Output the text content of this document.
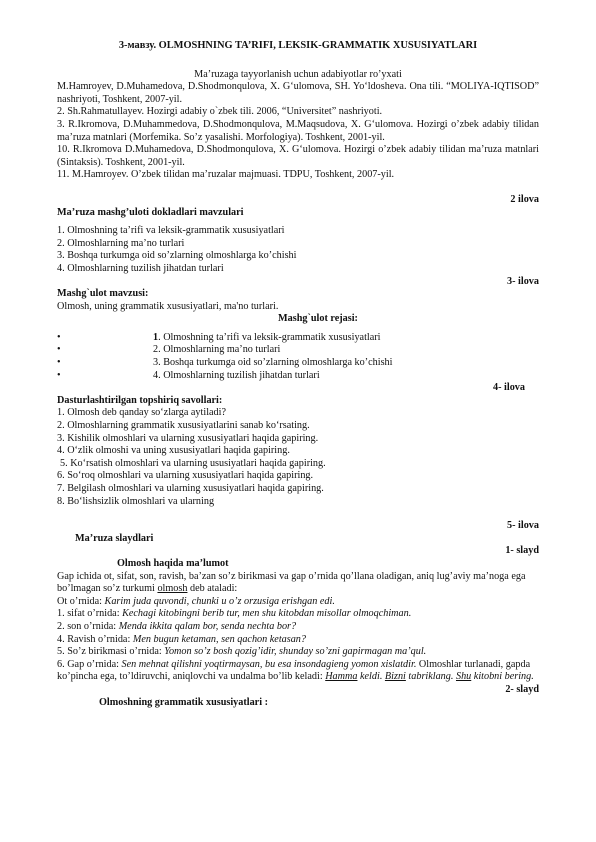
3-мавзу. OLMOSHNING TA’RIFI, LEKSIK-GRAMMATIK XUSUSIYATLARI

Ma’ruzaga tayyorlanish uchun adabiyotlar ro’yxati

M.Hamroyev, D.Muhamedova, D.Shodmonqulova, X. G‘ulomova, SH. Yo‘ldosheva. Ona tili. “MOLIYA-IQTISOD” nashriyoti, Toshkent, 2007-yil.

2. Sh.Rahmatullayev. Hozirgi adabiy o`zbek tili. 2006, “Universitet” nashriyoti.

3. R.Ikromova, D.Muhammedova, D.Shodmonqulova, M.Maqsudova, X. G‘ulomova. Hozirgi o’zbek adabiy tilidan ma’ruza matnlari (Morfemika. So’z yasalishi. Morfologiya). Toshkent, 2001-yil.

10. R.Ikromova D.Muhamedova, D.Shodmonqulova, X. G‘ulomova. Hozirgi o’zbek adabiy tilidan ma’ruza matnlari (Sintaksis). Toshkent, 2001-yil.

11. M.Hamroyev. O’zbek tilidan ma’ruzalar majmuasi. TDPU, Toshkent, 2007-yil.

2 ilova

Ma’ruza mashg’uloti dokladlari mavzulari

1. Olmoshning ta’rifi va leksik-grammatik xususiyatlari

2. Olmoshlarning ma’no turlari

3. Boshqa turkumga oid so’zlarning olmoshlarga ko’chishi

4. Olmoshlarning tuzilish jihatdan turlari

3- ilova

Mashg`ulot mavzusi:

Olmosh, uning grammatik xususiyatlari, ma'no turlari.

Mashg`ulot rejasi:

•	1. Olmoshning ta’rifi va leksik-grammatik xususiyatlari
•	2. Olmoshlarning ma’no turlari
•	3. Boshqa turkumga oid so’zlarning olmoshlarga ko’chishi
•	4. Olmoshlarning tuzilish jihatdan turlari

4- ilova

Dasturlashtirilgan topshiriq savollari:

1. Olmosh deb qanday so‘zlarga aytiladi?

2. Olmoshlarning grammatik xususiyatlarini sanab ko‘rsating.

3. Kishilik olmoshlari va ularning xususiyatlari haqida gapiring.

4. O‘zlik olmoshi va uning xususiyatlari haqida gapiring.

5. Ko‘rsatish olmoshlari va ularning ususiyatlari haqida gapiring.

6. So‘roq olmoshlari va ularning xususiyatlari haqida gapiring.

7. Belgilash olmoshlari va ularning xususiyatlari haqida gapiring.

8. Bo‘lishsizlik olmoshlari va ularning

5- ilova

Ma’ruza slaydlari

1- slayd

Olmosh haqida ma’lumot

Gap ichida ot, sifat, son, ravish, ba’zan so’z birikmasi va gap o’rnida qo’llana oladigan, aniq lug’aviy ma’noga ega bo’lmagan so’z turkumi olmosh deb ataladi:

Ot o’rnida: Karim juda quvondi, chunki u o’z orzusiga erishgan edi.

1. sifat o’rnida: Kechagi kitobingni berib tur, men shu kitobdan misollar olmoqchiman.

2. son o’rnida: Menda ikkita qalam bor, senda nechta bor?

4. Ravish o’rnida: Men bugun ketaman, sen qachon ketasan?

5. So’z birikmasi o’rnida: Yomon so’z bosh qozig’idir, shunday so’zni gapirmagan ma’qul.

6. Gap o’rnida: Sen mehnat qilishni yoqtirmaysan, bu esa insondagieng yomon xislatdir. Olmoshlar turlanadi, gapda ko’pincha ega, to’ldiruvchi, aniqlovchi va undalma bo’lib keladi: Hamma keldi. Bizni tabriklang. Shu kitobni bering.

2- slayd

Olmoshning grammatik xususiyatlari :
